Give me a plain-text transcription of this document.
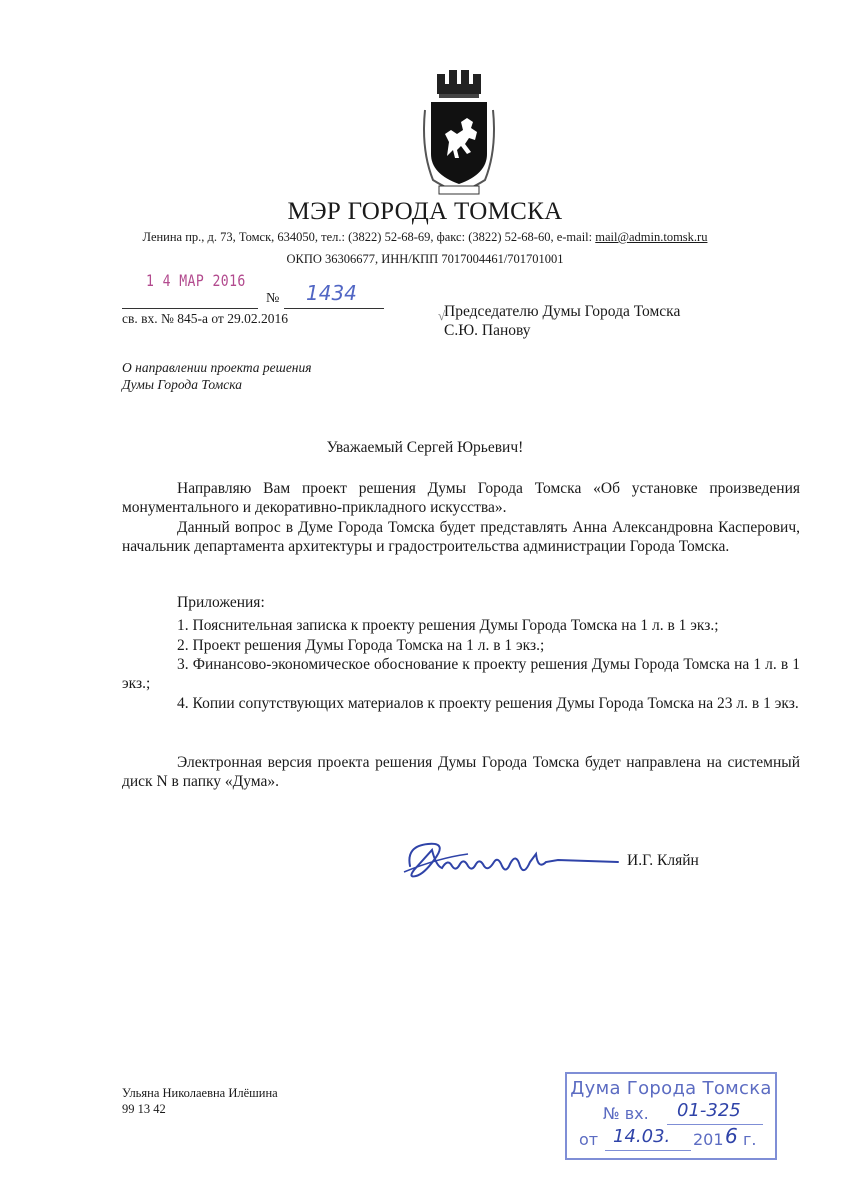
МЭР ГОРОДА ТОМСКА
Ленина пр., д. 73, Томск, 634050, тел.: (3822) 52-68-69, факс: (3822) 52-68-60, e-mail: mail@admin.tomsk.ru
ОКПО 36306677, ИНН/КПП 7017004461/701701001
1 4 МАР 2016
№ 1434
св. вх. № 845-а от 29.02.2016	√
Председателю Думы Города Томска
С.Ю. Панову
О направлении проекта решения
Думы Города Томска
Уважаемый Сергей Юрьевич!
Направляю Вам проект решения Думы Города Томска «Об установке произведения монументального и декоративно-прикладного искусства».
Данный вопрос в Думе Города Томска будет представлять Анна Александровна Касперович, начальник департамента архитектуры и градостроительства администрации Города Томска.
Приложения:
1. Пояснительная записка к проекту решения Думы Города Томска на 1 л. в 1 экз.;
2. Проект решения Думы Города Томска на 1 л. в 1 экз.;
3. Финансово-экономическое обоснование к проекту решения Думы Города Томска на 1 л. в 1 экз.;
4. Копии сопутствующих материалов к проекту решения Думы Города Томска на 23 л. в 1 экз.
Электронная версия проекта решения Думы Города Томска будет направлена на системный диск N в папку «Дума».
И.Г. Кляйн
Ульяна Николаевна Илёшина
99 13 42
Дума Города Томска
№ вх. 01-325
от 14.03. 201 6 г.
